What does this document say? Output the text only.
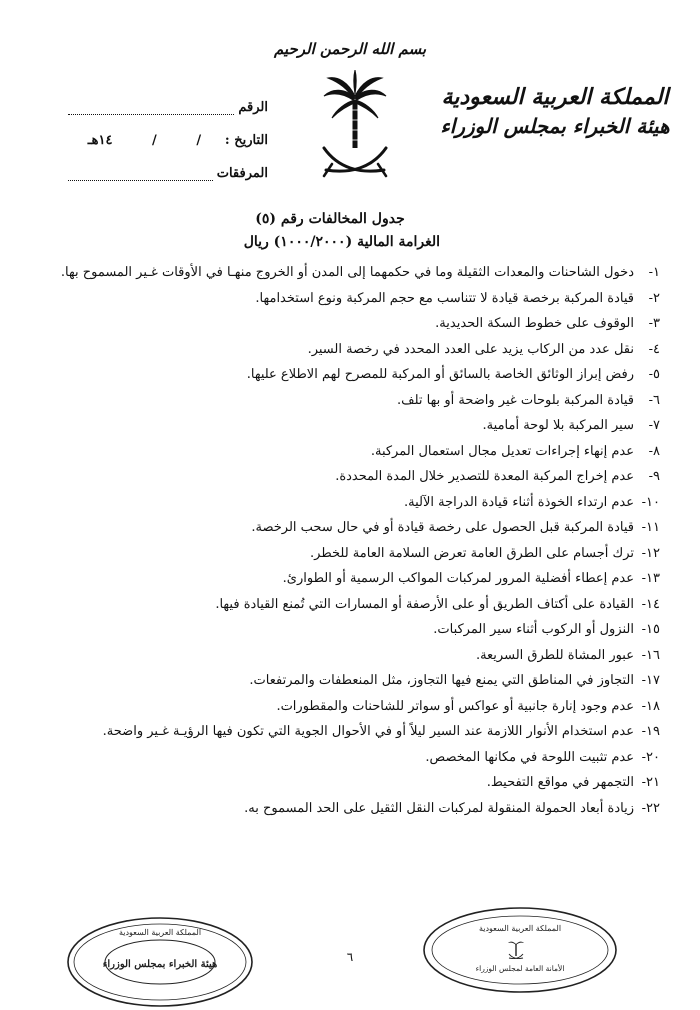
بسم الله الرحمن الرحيم
المملكة العربية السعودية
هيئة الخبراء بمجلس الوزراء
الرقم
التاريخ :
/
/
١٤هـ
المرفقات
جدول المخالفات رقم (٥)
الغرامة المالية (١٠٠٠/٢٠٠٠) ريال
١-
دخول الشاحنات والمعدات الثقيلة وما في حكمهما إلى المدن أو الخروج منهـا في الأوقات غـير المسموح بها.
٢-
قيادة المركبة برخصة قيادة لا تتناسب مع حجم المركبة ونوع استخدامها.
٣-
الوقوف على خطوط السكة الحديدية.
٤-
نقل عدد من الركاب يزيد على العدد المحدد في رخصة السير.
٥-
رفض إبراز الوثائق الخاصة بالسائق أو المركبة للمصرح لهم الاطلاع عليها.
٦-
قيادة المركبة بلوحات غير واضحة أو بها تلف.
٧-
سير المركبة بلا لوحة أمامية.
٨-
عدم إنهاء إجراءات تعديل مجال استعمال المركبة.
٩-
عدم إخراج المركبة المعدة للتصدير خلال المدة المحددة.
١٠-
عدم ارتداء الخوذة أثناء قيادة الدراجة الآلية.
١١-
قيادة المركبة قبل الحصول على رخصة قيادة أو في حال سحب الرخصة.
١٢-
ترك أجسام على الطرق العامة تعرض السلامة العامة للخطر.
١٣-
عدم إعطاء أفضلية المرور لمركبات المواكب الرسمية أو الطوارئ.
١٤-
القيادة على أكتاف الطريق أو على الأرصفة أو المسارات التي تُمنع القيادة فيها.
١٥-
النزول أو الركوب أثناء سير المركبات.
١٦-
عبور المشاة للطرق السريعة.
١٧-
التجاوز في المناطق التي يمنع فيها التجاوز، مثل المنعطفات والمرتفعات.
١٨-
عدم وجود إنارة جانبية أو عواكس أو سواتر للشاحنات والمقطورات.
١٩-
عدم استخدام الأنوار اللازمة عند السير ليلاً أو في الأحوال الجوية التي تكون فيها الرؤيـة غـير واضحة.
٢٠-
عدم تثبيت اللوحة في مكانها المخصص.
٢١-
التجمهر في مواقع التفحيط.
٢٢-
زيادة أبعاد الحمولة المنقولة لمركبات النقل الثقيل على الحد المسموح به.
٦
المملكة العربية السعودية
هيئة الخبراء بمجلس الوزراء
المملكة العربية السعودية
الأمانة العامة لمجلس الوزراء
